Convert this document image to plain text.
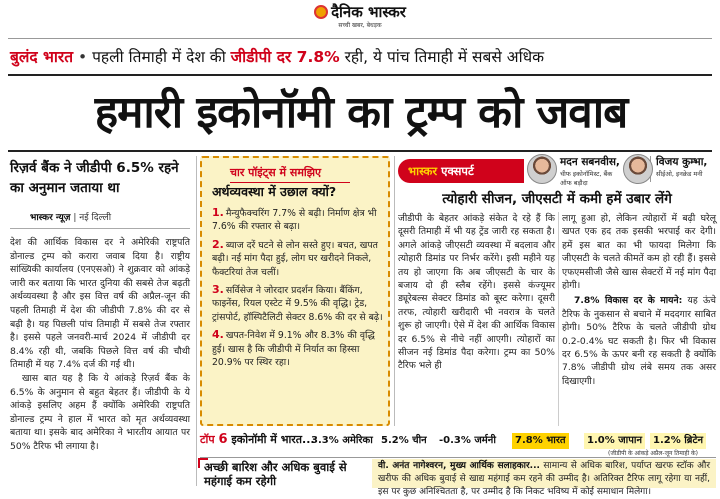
दैनिक भास्कर
सच्ची खबर, बेधड़क
बुलंद भारत • पहली तिमाही में देश की जीडीपी दर 7.8% रही, ये पांच तिमाही में सबसे अधिक
हमारी इकोनॉमी का ट्रम्प को जवाब
रिज़र्व बैंक ने जीडीपी 6.5% रहने का अनुमान जताया था
भास्कर न्यूज़ | नई दिल्ली

देश की आर्थिक विकास दर ने अमेरिकी राष्ट्रपति डोनाल्ड ट्रम्प को करारा जवाब दिया है। राष्ट्रीय सांख्यिकी कार्यालय (एनएसओ) ने शुक्रवार को आंकड़े जारी कर बताया कि भारत दुनिया की सबसे तेज बढ़ती अर्थव्यवस्था है और इस वित्त वर्ष की अप्रैल-जून की पहली तिमाही में देश की जीडीपी 7.8% की दर से बढ़ी है। यह पिछली पांच तिमाही में सबसे तेज रफ्तार है। इससे पहले जनवरी-मार्च 2024 में जीडीपी दर 8.4% रही थी, जबकि पिछले वित्त वर्ष की चौथी तिमाही में यह 7.4% दर्ज की गई थी।

खास बात यह है कि ये आंकड़े रिज़र्व बैंक के 6.5% के अनुमान से बहुत बेहतर हैं। जीडीपी के ये आंकड़े इसलिए अहम हैं क्योंकि अमेरिकी राष्ट्रपति डोनाल्ड ट्रम्प ने हाल में भारत को मृत अर्थव्यवस्था बताया था। इसके बाद अमेरिका ने भारतीय आयात पर 50% टैरिफ भी लगाया है।

चार पॉइंट्स में समझिए
अर्थव्यवस्था में उछाल क्यों?
1. मैन्युफैक्चरिंग 7.7% से बढ़ी। निर्माण क्षेत्र भी 7.6% की रफ्तार से बढ़ा।
2. ब्याज दरें घटने से लोन सस्ते हुए। बचत, खपत बढ़ी। नई मांग पैदा हुई, लोग घर खरीदने निकले, फैक्टरियां तेज चलीं।
3. सर्विसेज ने जोरदार प्रदर्शन किया। बैंकिंग, फाइनेंस, रियल एस्टेट में 9.5% की वृद्धि। ट्रेड, ट्रांसपोर्ट, हॉस्पिटैलिटी सेक्टर 8.6% की दर से बढ़े।
4. खपत-निवेश में 9.1% और 8.3% की वृद्धि हुई। खास है कि जीडीपी में निर्यात का हिस्सा 20.9% पर स्थिर रहा।
भास्कर एक्सपर्ट
मदन सबनवीस,
चीफ इकोनॉमिस्ट, बैंक ऑफ बड़ौदा
विजय कुम्भा,
सीईओ, इनक्रेड मनी
त्योहारी सीजन, जीएसटी में कमी हमें उबार लेंगे
जीडीपी के बेहतर आंकड़े संकेत दे रहे हैं कि दूसरी तिमाही में भी यह ट्रेंड जारी रह सकता है। अगले आंकड़े जीएसटी व्यवस्था में बदलाव और त्योहारी डिमांड पर निर्भर करेंगे। इसी महीने यह तय हो जाएगा कि अब जीएसटी के चार के बजाय दो ही स्लैब रहेंगे। इससे कंज्यूमर ड्यूरेबल्स सेक्टर डिमांड को बूस्ट करेगा। दूसरी तरफ, त्योहारी खरीदारी भी नवरात्र के चलते शुरू हो जाएगी। ऐसे में देश की आर्थिक विकास दर 6.5% से नीचे नहीं आएगी। त्योहारों का सीजन नई डिमांड पैदा करेगा। ट्रम्प का 50% टैरिफ भले ही

लागू हुआ हो, लेकिन त्योहारों में बढ़ी घरेलू खपत एक हद तक इसकी भरपाई कर देगी। हमें इस बात का भी फायदा मिलेगा कि जीएसटी के चलते कीमतें कम हो रही हैं। इससे एफएमसीजी जैसे खास सेक्टरों में नई मांग पैदा होगी।

7.8% विकास दर के मायने: यह ऊंचे टैरिफ के नुकसान से बचाने में मददगार साबित होगी। 50% टैरिफ के चलते जीडीपी ग्रोथ 0.2-0.4% घट सकती है। फिर भी विकास दर 6.5% के ऊपर बनी रह सकती है क्योंकि 7.8% जीडीपी ग्रोथ लंबे समय तक असर दिखाएगी।

टॉप 6 इकोनॉमी में भारत...
3.3% अमेरिका 5.2% चीन	-0.3% जर्मनी	7.8% भारत	1.0% जापान	1.2% ब्रिटेन
(जीडीपी के आंकड़े अप्रैल-जून तिमाही के)
अच्छी बारिश और अधिक बुवाई से महंगाई कम रहेगी
वी. अनंत नागेश्वरन, मुख्य आर्थिक सलाहकार... सामान्य से अधिक बारिश, पर्याप्त खरफ स्टॉक और खरीफ की अधिक बुवाई से खाद्य महंगाई कम रहने की उम्मीद है। अतिरिक्त टैरिफ लागू रहेगा या नहीं, इस पर कुछ अनिश्चितता है, पर उम्मीद है कि निकट भविष्य में कोई समाधान मिलेगा।
